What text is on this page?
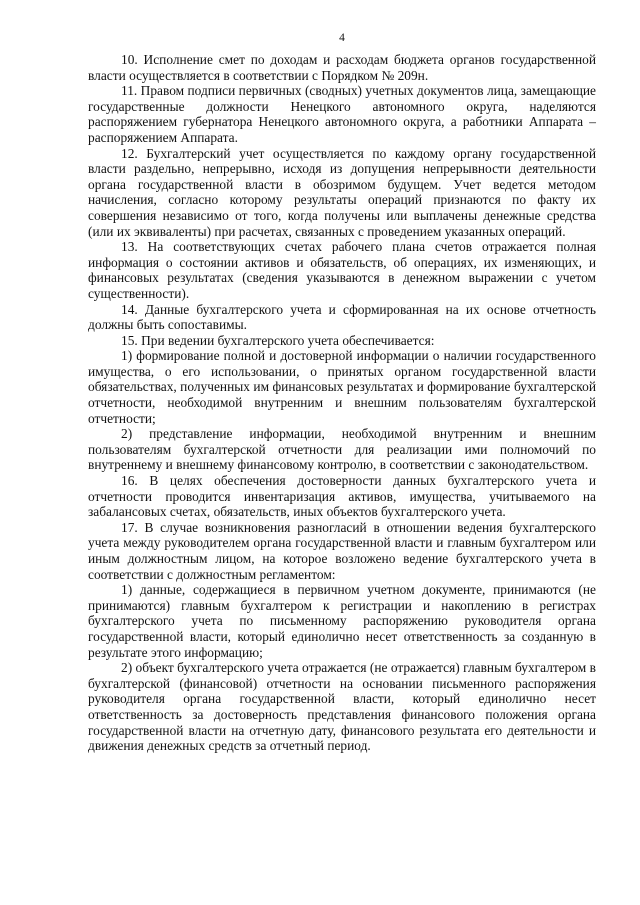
4

10. Исполнение смет по доходам и расходам бюджета органов государственной власти осуществляется в соответствии с Порядком № 209н.

11. Правом подписи первичных (сводных) учетных документов лица, замещающие государственные должности Ненецкого автономного округа, наделяются распоряжением губернатора Ненецкого автономного округа, а работники Аппарата – распоряжением Аппарата.

12. Бухгалтерский учет осуществляется по каждому органу государственной власти раздельно, непрерывно, исходя из допущения непрерывности деятельности органа государственной власти в обозримом будущем. Учет ведется методом начисления, согласно которому результаты операций признаются по факту их совершения независимо от того, когда получены или выплачены денежные средства (или их эквиваленты) при расчетах, связанных с проведением указанных операций.

13. На соответствующих счетах рабочего плана счетов отражается полная информация о состоянии активов и обязательств, об операциях, их изменяющих, и финансовых результатах (сведения указываются в денежном выражении с учетом существенности).

14. Данные бухгалтерского учета и сформированная на их основе отчетность должны быть сопоставимы.

15. При ведении бухгалтерского учета обеспечивается:

1) формирование полной и достоверной информации о наличии государственного имущества, о его использовании, о принятых органом государственной власти обязательствах, полученных им финансовых результатах и формирование бухгалтерской отчетности, необходимой внутренним и внешним пользователям бухгалтерской отчетности;

2) представление информации, необходимой внутренним и внешним пользователям бухгалтерской отчетности для реализации ими полномочий по внутреннему и внешнему финансовому контролю, в соответствии с законодательством.

16. В целях обеспечения достоверности данных бухгалтерского учета и отчетности проводится инвентаризация активов, имущества, учитываемого на забалансовых счетах, обязательств, иных объектов бухгалтерского учета.

17. В случае возникновения разногласий в отношении ведения бухгалтерского учета между руководителем органа государственной власти и главным бухгалтером или иным должностным лицом, на которое возложено ведение бухгалтерского учета в соответствии с должностным регламентом:

1) данные, содержащиеся в первичном учетном документе, принимаются (не принимаются) главным бухгалтером к регистрации и накоплению в регистрах бухгалтерского учета по письменному распоряжению руководителя органа государственной власти, который единолично несет ответственность за созданную в результате этого информацию;

2) объект бухгалтерского учета отражается (не отражается) главным бухгалтером в бухгалтерской (финансовой) отчетности на основании письменного распоряжения руководителя органа государственной власти, который единолично несет ответственность за достоверность представления финансового положения органа государственной власти на отчетную дату, финансового результата его деятельности и движения денежных средств за отчетный период.
